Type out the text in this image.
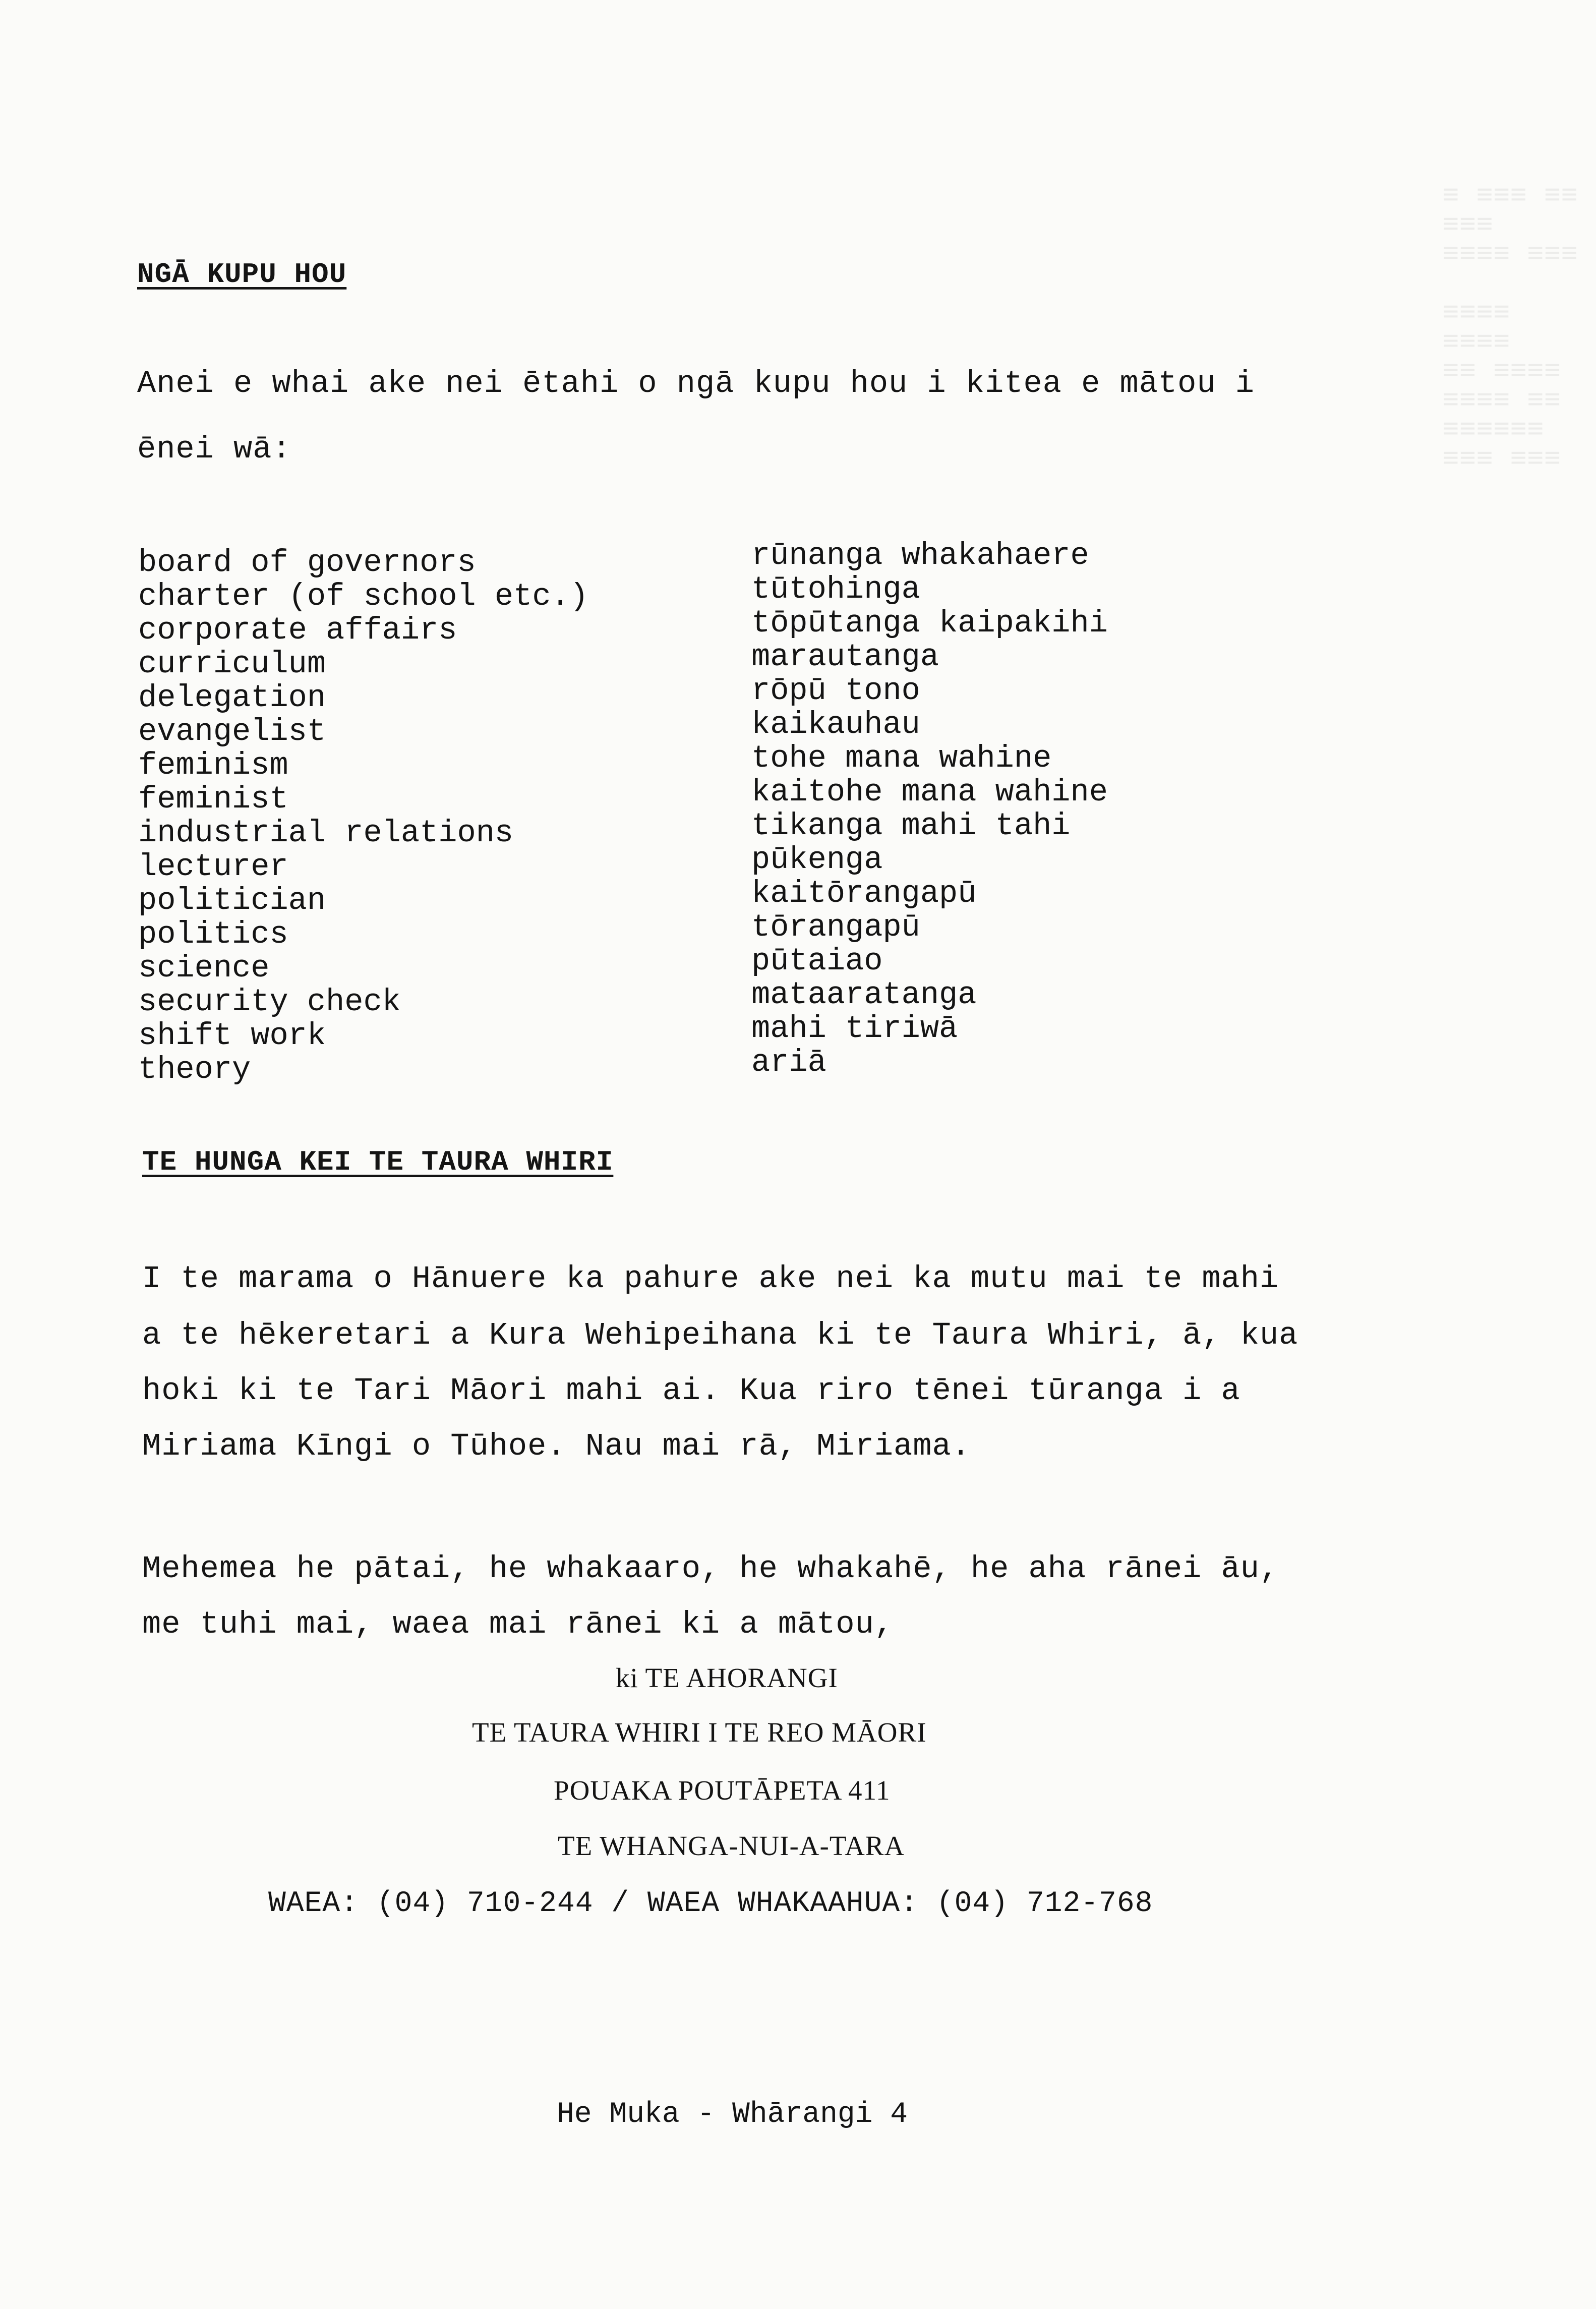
≡ ≡≡≡ ≡≡ ≡≡≡
≡≡≡≡ ≡≡≡

≡≡≡≡ ≡≡≡≡
≡≡ ≡≡≡≡
≡≡≡≡ ≡≡
≡≡≡≡≡≡
≡≡≡ ≡≡≡
NGĀ KUPU HOU
Anei e whai ake nei ētahi o ngā kupu hou i kitea e mātou i
ēnei wā:
board of governors
charter (of school etc.)
corporate affairs
curriculum
delegation
evangelist
feminism
feminist
industrial relations
lecturer
politician
politics
science
security check
shift work
theory
rūnanga whakahaere
tūtohinga
tōpūtanga kaipakihi
marautanga
rōpū tono
kaikauhau
tohe mana wahine
kaitohe mana wahine
tikanga mahi tahi
pūkenga
kaitōrangapū
tōrangapū
pūtaiao
mataaratanga
mahi tiriwā
ariā
TE HUNGA KEI TE TAURA WHIRI
I te marama o Hānuere ka pahure ake nei ka mutu mai te mahi
a te hēkeretari a Kura Wehipeihana ki te Taura Whiri, ā, kua
hoki ki te Tari Māori mahi ai. Kua riro tēnei tūranga i a
Miriama Kīngi o Tūhoe. Nau mai rā, Miriama.
Mehemea he pātai, he whakaaro, he whakahē, he aha rānei āu,
me tuhi mai, waea mai rānei ki a mātou,
ki TE AHORANGI
TE TAURA WHIRI I TE REO MĀORI
POUAKA POUTĀPETA 411
TE WHANGA-NUI-A-TARA
WAEA: (04) 710-244 / WAEA WHAKAAHUA: (04) 712-768
He Muka - Whārangi 4
